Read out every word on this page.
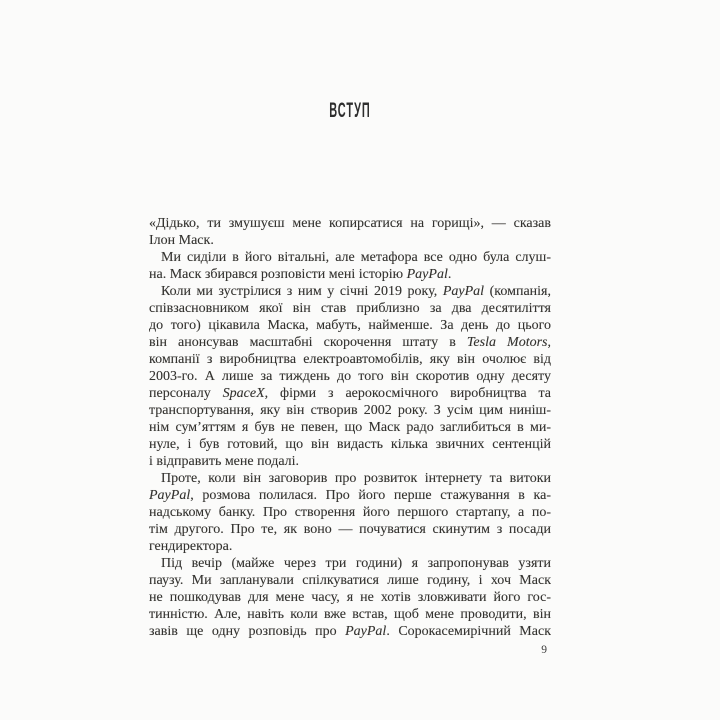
ВСТУП
«Дідько, ти змушуєш мене копирсатися на горищі», — сказав
Ілон Маск.
Ми сиділи в його вітальні, але метафора все одно була слуш-
на. Маск збирався розповісти мені історію PayPal.
Коли ми зустрілися з ним у січні 2019 року, PayPal (компанія,
співзасновником якої він став приблизно за два десятиліття
до того) цікавила Маска, мабуть, найменше. За день до цього
він анонсував масштабні скорочення штату в Tesla Motors,
компанії з виробництва електроавтомобілів, яку він очолює від
2003-го. А лише за тиждень до того він скоротив одну десяту
персоналу SpaceX, фірми з аерокосмічного виробництва та
транспортування, яку він створив 2002 року. З усім цим ниніш-
нім сум’яттям я був не певен, що Маск радо заглибиться в ми-
нуле, і був готовий, що він видасть кілька звичних сентенцій
і відправить мене подалі.
Проте, коли він заговорив про розвиток інтернету та витоки
PayPal, розмова полилася. Про його перше стажування в ка-
надському банку. Про створення його першого стартапу, а по-
тім другого. Про те, як воно — почуватися скинутим з посади
гендиректора.
Під вечір (майже через три години) я запропонував узяти
паузу. Ми запланували спілкуватися лише годину, і хоч Маск
не пошкодував для мене часу, я не хотів зловживати його гос-
тинністю. Але, навіть коли вже встав, щоб мене проводити, він
завів ще одну розповідь про PayPal. Сорокасемирічний Маск
9
